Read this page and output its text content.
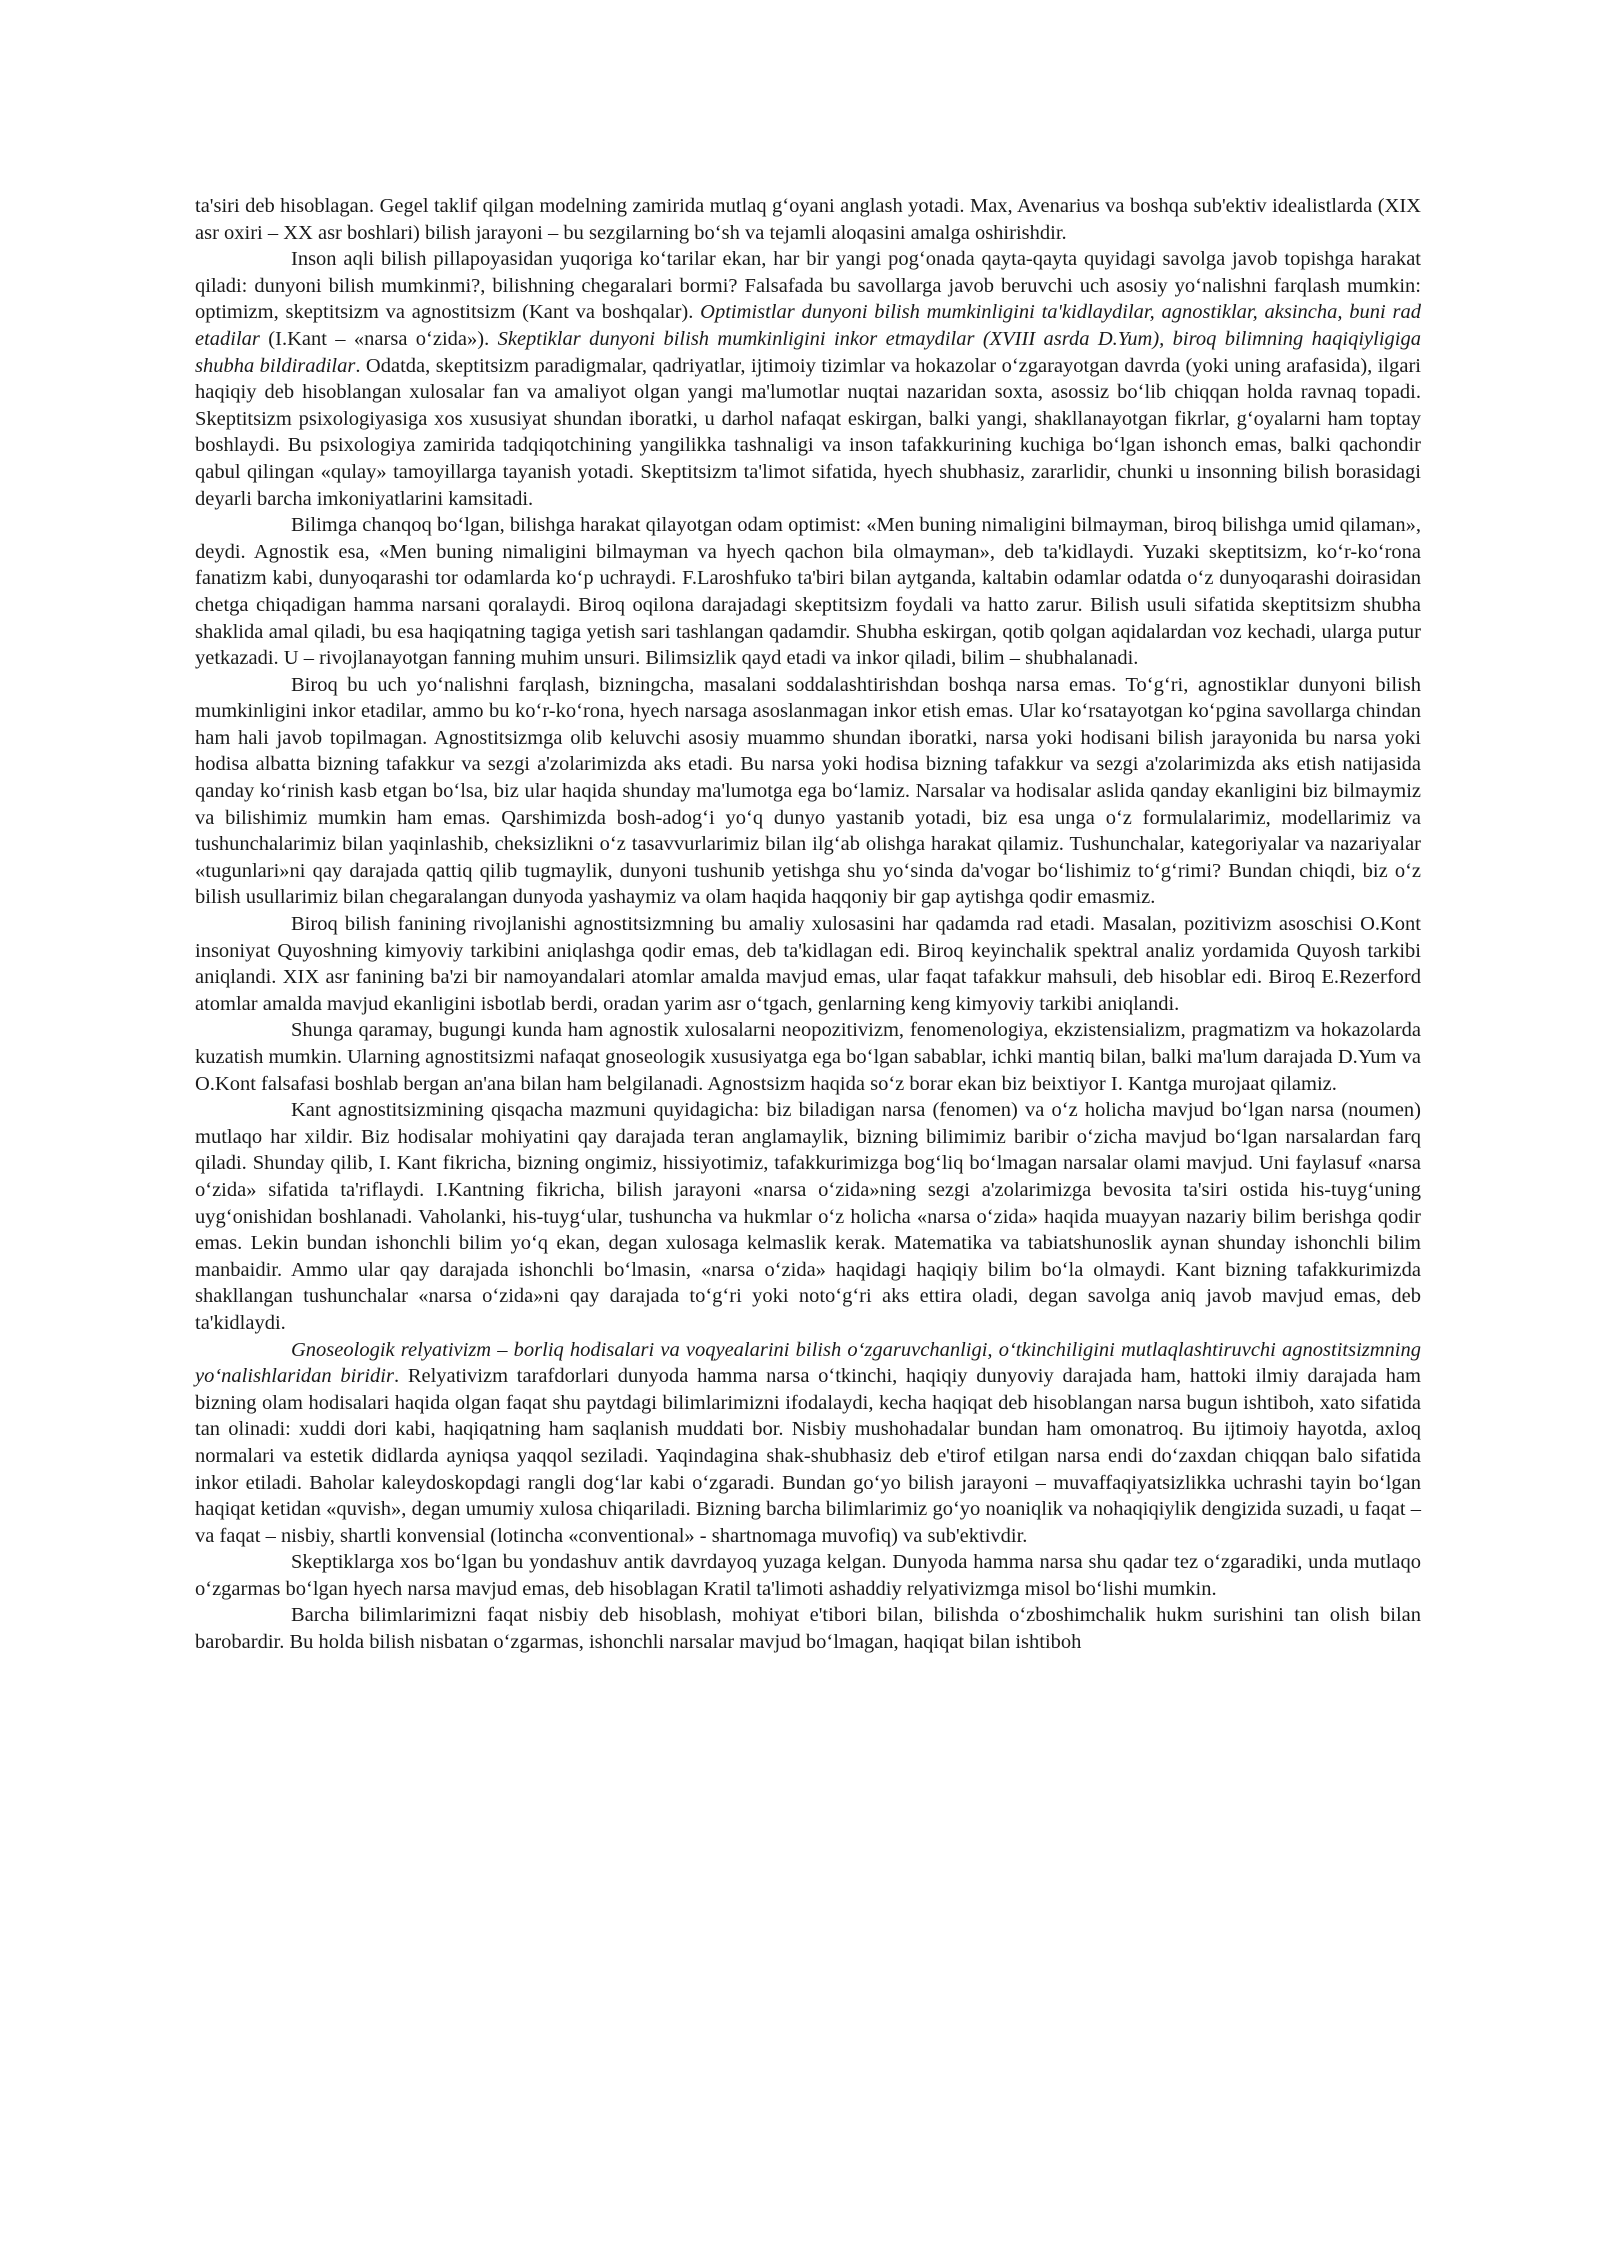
ta'siri deb hisoblagan. Gegel taklif qilgan modelning zamirida mutlaq g‘oyani anglash yotadi. Max, Avenarius va boshqa sub'ektiv idealistlarda (XIX asr oxiri – XX asr boshlari) bilish jarayoni – bu sezgilarning bo‘sh va tejamli aloqasini amalga oshirishdir.

Inson aqli bilish pillapoyasidan yuqoriga ko‘tarilar ekan, har bir yangi pog‘onada qayta-qayta quyidagi savolga javob topishga harakat qiladi: dunyoni bilish mumkinmi?, bilishning chegaralari bormi? Falsafada bu savollarga javob beruvchi uch asosiy yo‘nalishni farqlash mumkin: optimizm, skeptitsizm va agnostitsizm (Kant va boshqalar). Optimistlar dunyoni bilish mumkinligini ta'kidlaydilar, agnostiklar, aksincha, buni rad etadilar (I.Kant – «narsa o‘zida»). Skeptiklar dunyoni bilish mumkinligini inkor etmaydilar (XVIII asrda D.Yum), biroq bilimning haqiqiyligiga shubha bildiradilar. Odatda, skeptitsizm paradigmalar, qadriyatlar, ijtimoiy tizimlar va hokazolar o‘zgarayotgan davrda (yoki uning arafasida), ilgari haqiqiy deb hisoblangan xulosalar fan va amaliyot olgan yangi ma'lumotlar nuqtai nazaridan soxta, asossiz bo‘lib chiqqan holda ravnaq topadi. Skeptitsizm psixologiyasiga xos xususiyat shundan iboratki, u darhol nafaqat eskirgan, balki yangi, shakllanayotgan fikrlar, g‘oyalarni ham toptay boshlaydi. Bu psixologiya zamirida tadqiqotchining yangilikka tashnaligi va inson tafakkurining kuchiga bo‘lgan ishonch emas, balki qachondir qabul qilingan «qulay» tamoyillarga tayanish yotadi. Skeptitsizm ta'limot sifatida, hyech shubhasiz, zararlidir, chunki u insonning bilish borasidagi deyarli barcha imkoniyatlarini kamsitadi.

Bilimga chanqoq bo‘lgan, bilishga harakat qilayotgan odam optimist: «Men buning nimaligini bilmayman, biroq bilishga umid qilaman», deydi. Agnostik esa, «Men buning nimaligini bilmayman va hyech qachon bila olmayman», deb ta'kidlaydi. Yuzaki skeptitsizm, ko‘r-ko‘rona fanatizm kabi, dunyoqarashi tor odamlarda ko‘p uchraydi. F.Laroshfuko ta'biri bilan aytganda, kaltabin odamlar odatda o‘z dunyoqarashi doirasidan chetga chiqadigan hamma narsani qoralaydi. Biroq oqilona darajadagi skeptitsizm foydali va hatto zarur. Bilish usuli sifatida skeptitsizm shubha shaklida amal qiladi, bu esa haqiqatning tagiga yetish sari tashlangan qadamdir. Shubha eskirgan, qotib qolgan aqidalardan voz kechadi, ularga putur yetkazadi. U – rivojlanayotgan fanning muhim unsuri. Bilimsizlik qayd etadi va inkor qiladi, bilim – shubhalanadi.

Biroq bu uch yo‘nalishni farqlash, bizningcha, masalani soddalashtirishdan boshqa narsa emas. To‘g‘ri, agnostiklar dunyoni bilish mumkinligini inkor etadilar, ammo bu ko‘r-ko‘rona, hyech narsaga asoslanmagan inkor etish emas. Ular ko‘rsatayotgan ko‘pgina savollarga chindan ham hali javob topilmagan. Agnostitsizmga olib keluvchi asosiy muammo shundan iboratki, narsa yoki hodisani bilish jarayonida bu narsa yoki hodisa albatta bizning tafakkur va sezgi a'zolarimizda aks etadi. Bu narsa yoki hodisa bizning tafakkur va sezgi a'zolarimizda aks etish natijasida qanday ko‘rinish kasb etgan bo‘lsa, biz ular haqida shunday ma'lumotga ega bo‘lamiz. Narsalar va hodisalar aslida qanday ekanligini biz bilmaymiz va bilishimiz mumkin ham emas. Qarshimizda bosh-adog‘i yo‘q dunyo yastanib yotadi, biz esa unga o‘z formulalarimiz, modellarimiz va tushunchalarimiz bilan yaqinlashib, cheksizlikni o‘z tasavvurlarimiz bilan ilg‘ab olishga harakat qilamiz. Tushunchalar, kategoriyalar va nazariyalar «tugunlari»ni qay darajada qattiq qilib tugmaylik, dunyoni tushunib yetishga shu yo‘sinda da'vogar bo‘lishimiz to‘g‘rimi? Bundan chiqdi, biz o‘z bilish usullarimiz bilan chegaralangan dunyoda yashaymiz va olam haqida haqqoniy bir gap aytishga qodir emasmiz.

Biroq bilish fanining rivojlanishi agnostitsizmning bu amaliy xulosasini har qadamda rad etadi. Masalan, pozitivizm asoschisi O.Kont insoniyat Quyoshning kimyoviy tarkibini aniqlashga qodir emas, deb ta'kidlagan edi. Biroq keyinchalik spektral analiz yordamida Quyosh tarkibi aniqlandi. XIX asr fanining ba'zi bir namoyandalari atomlar amalda mavjud emas, ular faqat tafakkur mahsuli, deb hisoblar edi. Biroq E.Rezerford atomlar amalda mavjud ekanligini isbotlab berdi, oradan yarim asr o‘tgach, genlarning keng kimyoviy tarkibi aniqlandi.

Shunga qaramay, bugungi kunda ham agnostik xulosalarni neopozitivizm, fenomenologiya, ekzistensializm, pragmatizm va hokazolarda kuzatish mumkin. Ularning agnostitsizmi nafaqat gnoseologik xususiyatga ega bo‘lgan sabablar, ichki mantiq bilan, balki ma'lum darajada D.Yum va O.Kont falsafasi boshlab bergan an'ana bilan ham belgilanadi. Agnostsizm haqida so‘z borar ekan biz beixtiyor I. Kantga murojaat qilamiz.

Kant agnostitsizmining qisqacha mazmuni quyidagicha: biz biladigan narsa (fenomen) va o‘z holicha mavjud bo‘lgan narsa (noumen) mutlaqo har xildir. Biz hodisalar mohiyatini qay darajada teran anglamaylik, bizning bilimimiz baribir o‘zicha mavjud bo‘lgan narsalardan farq qiladi. Shunday qilib, I. Kant fikricha, bizning ongimiz, hissiyotimiz, tafakkurimizga bog‘liq bo‘lmagan narsalar olami mavjud. Uni faylasuf «narsa o‘zida» sifatida ta'riflaydi. I.Kantning fikricha, bilish jarayoni «narsa o‘zida»ning sezgi a'zolarimizga bevosita ta'siri ostida his-tuyg‘uning uyg‘onishidan boshlanadi. Vaholanki, his-tuyg‘ular, tushuncha va hukmlar o‘z holicha «narsa o‘zida» haqida muayyan nazariy bilim berishga qodir emas. Lekin bundan ishonchli bilim yo‘q ekan, degan xulosaga kelmaslik kerak. Matematika va tabiatshunoslik aynan shunday ishonchli bilim manbaidir. Ammo ular qay darajada ishonchli bo‘lmasin, «narsa o‘zida» haqidagi haqiqiy bilim bo‘la olmaydi. Kant bizning tafakkurimizda shakllangan tushunchalar «narsa o‘zida»ni qay darajada to‘g‘ri yoki noto‘g‘ri aks ettira oladi, degan savolga aniq javob mavjud emas, deb ta'kidlaydi.

Gnoseologik relyativizm – borliq hodisalari va voqyealarini bilish o‘zgaruvchanligi, o‘tkinchiligini mutlaqlashtiruvchi agnostitsizmning yo‘nalishlaridan biridir. Relyativizm tarafdorlari dunyoda hamma narsa o‘tkinchi, haqiqiy dunyoviy darajada ham, hattoki ilmiy darajada ham bizning olam hodisalari haqida olgan faqat shu paytdagi bilimlarimizni ifodalaydi, kecha haqiqat deb hisoblangan narsa bugun ishtiboh, xato sifatida tan olinadi: xuddi dori kabi, haqiqatning ham saqlanish muddati bor. Nisbiy mushohadalar bundan ham omonatroq. Bu ijtimoiy hayotda, axloq normalari va estetik didlarda ayniqsa yaqqol seziladi. Yaqindagina shak-shubhasiz deb e'tirof etilgan narsa endi do‘zaxdan chiqqan balo sifatida inkor etiladi. Baholar kaleydoskopdagi rangli dog‘lar kabi o‘zgaradi. Bundan go‘yo bilish jarayoni – muvaffaqiyatsizlikka uchrashi tayin bo‘lgan haqiqat ketidan «quvish», degan umumiy xulosa chiqariladi. Bizning barcha bilimlarimiz go‘yo noaniqlik va nohaqiqiylik dengizida suzadi, u faqat – va faqat – nisbiy, shartli konvensial (lotincha «conventional» - shartnomaga muvofiq) va sub'ektivdir.

Skeptiklarga xos bo‘lgan bu yondashuv antik davrdayoq yuzaga kelgan. Dunyoda hamma narsa shu qadar tez o‘zgaradiki, unda mutlaqo o‘zgarmas bo‘lgan hyech narsa mavjud emas, deb hisoblagan Kratil ta'limoti ashaddiy relyativizmga misol bo‘lishi mumkin.

Barcha bilimlarimizni faqat nisbiy deb hisoblash, mohiyat e'tibori bilan, bilishda o‘zboshimchalik hukm surishini tan olish bilan barobardir. Bu holda bilish nisbatan o‘zgarmas, ishonchli narsalar mavjud bo‘lmagan, haqiqat bilan ishtiboh
